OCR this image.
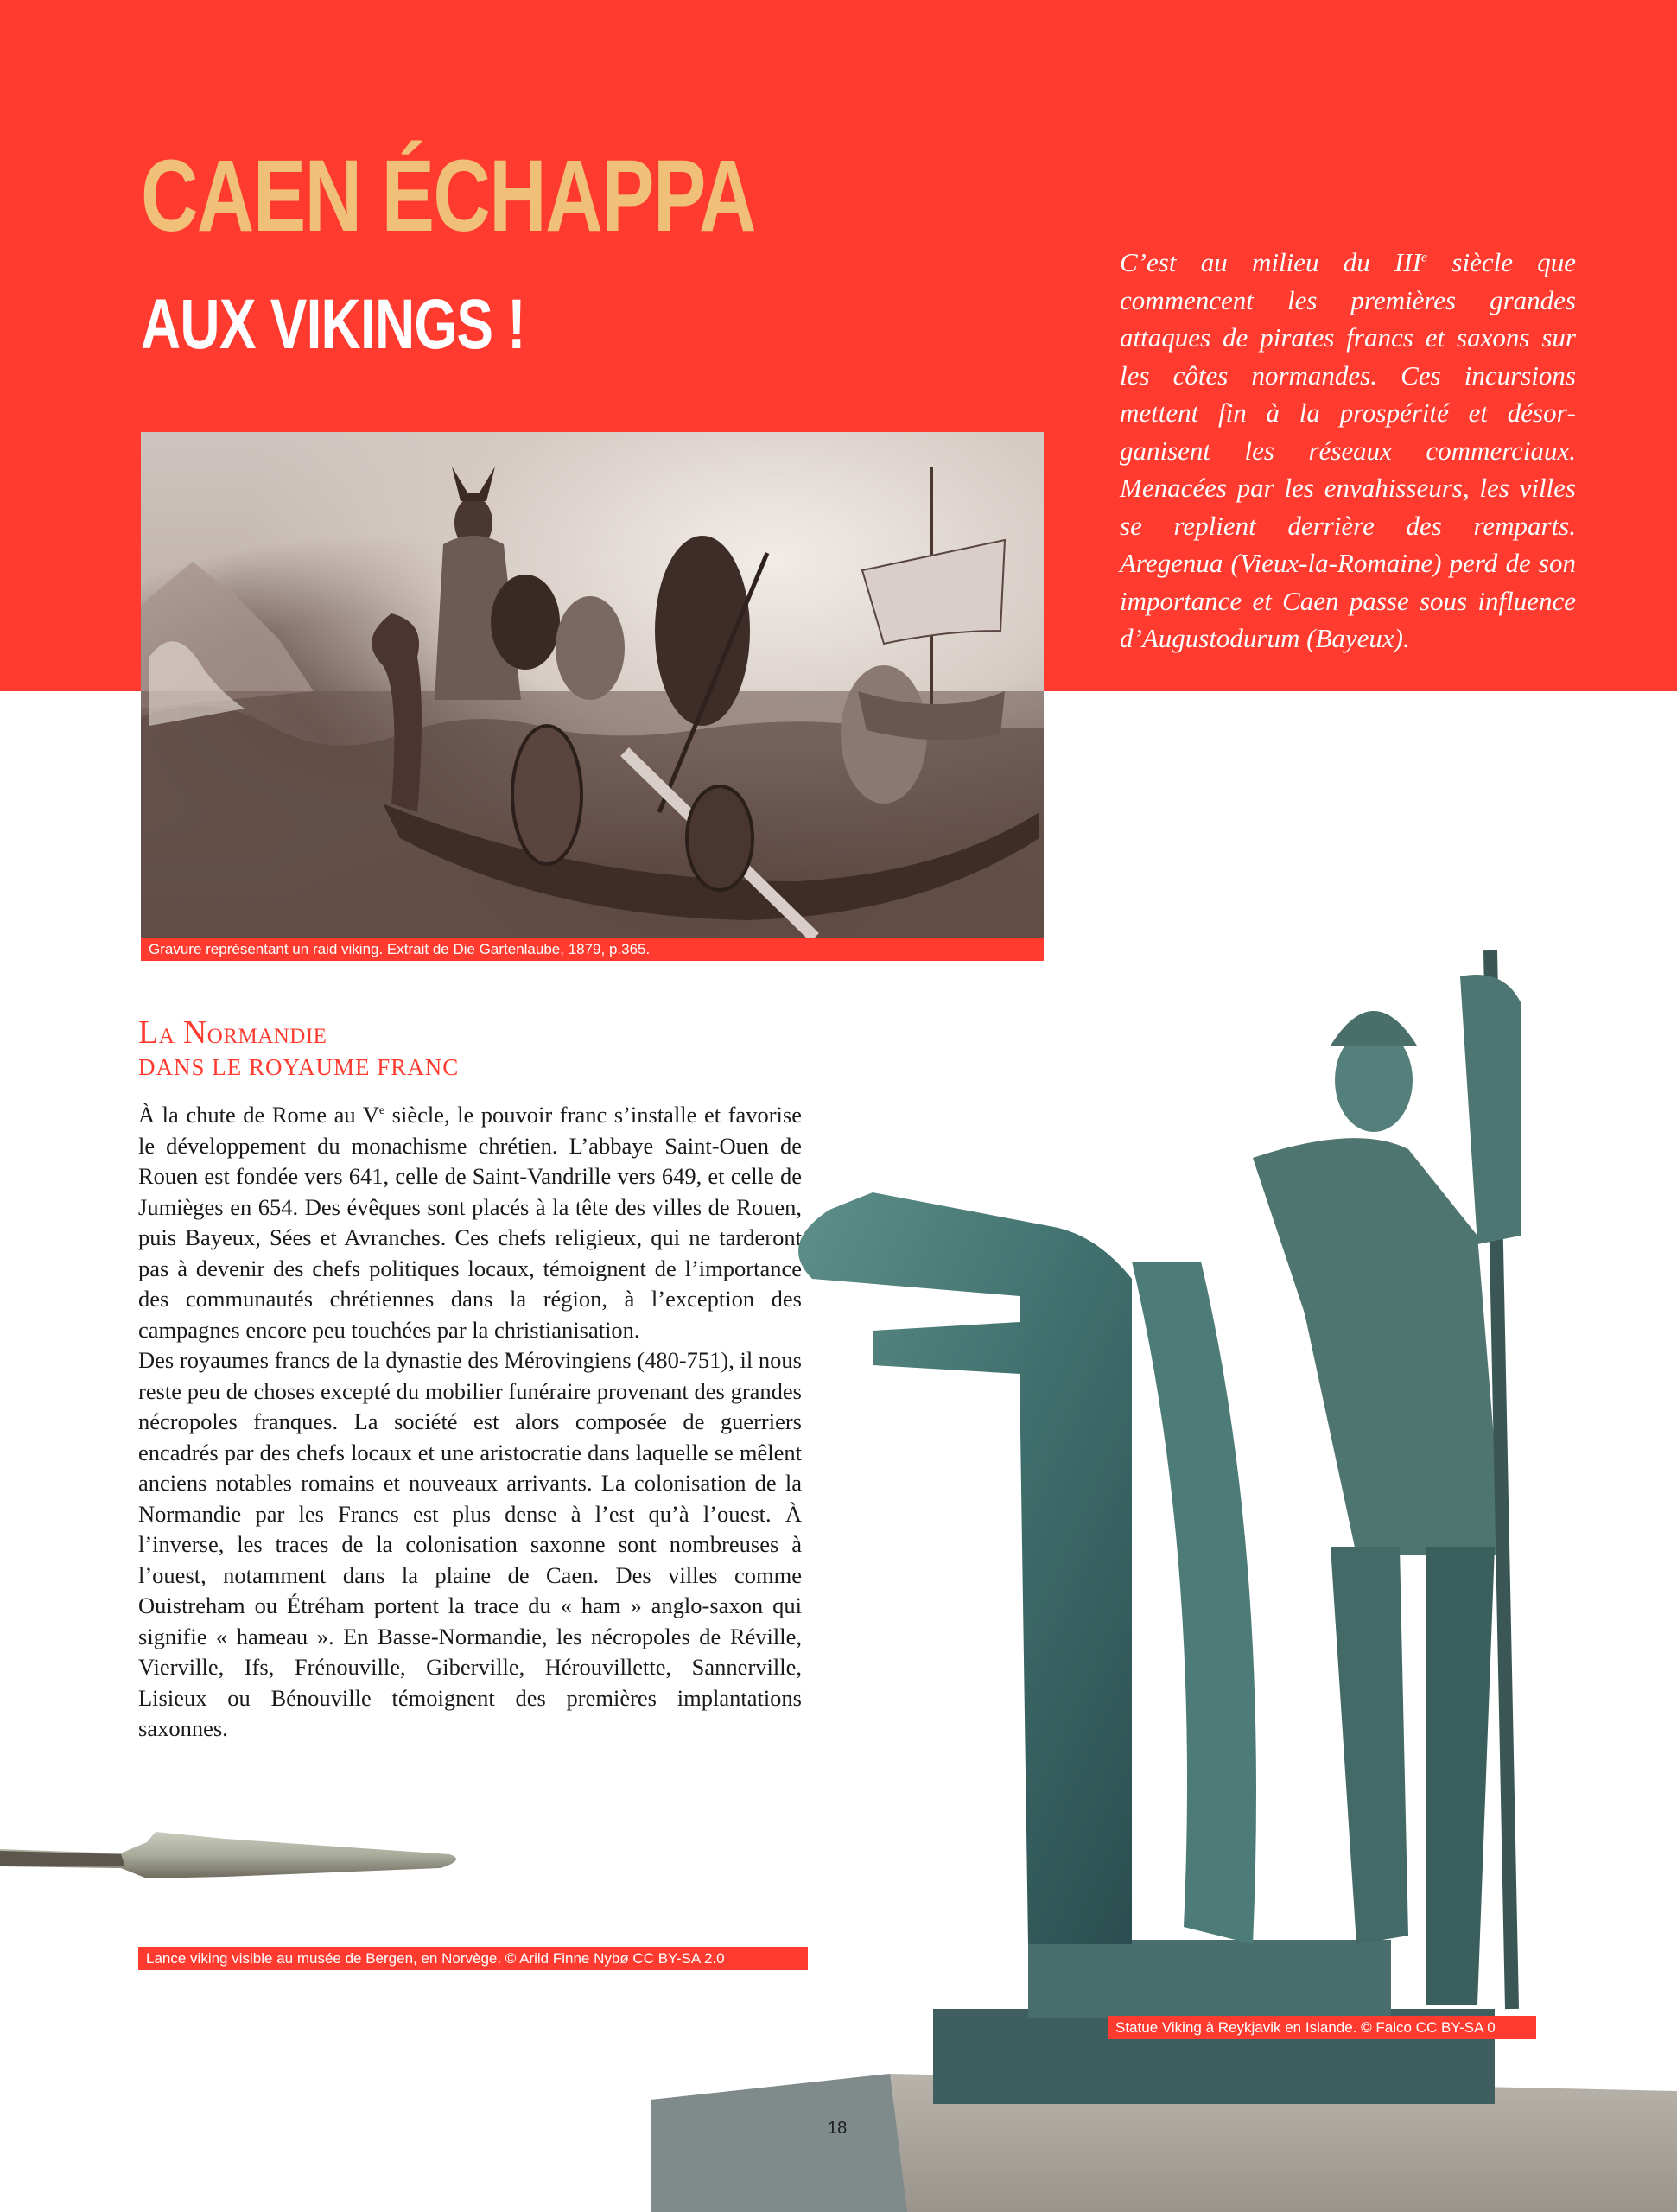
CAEN ÉCHAPPA
AUX VIKINGS !

C’est au milieu du IIIe siècle que commencent les premières grandes attaques de pirates francs et saxons sur les côtes normandes. Ces incursions mettent fin à la prospérité et désorganisent les réseaux commerciaux. Menacées par les envahisseurs, les villes se replient derrière des remparts. Aregenua (Vieux-la-Romaine) perd de son importance et Caen passe sous influence d’Augustodurum (Bayeux).

Gravure représentant un raid viking. Extrait de Die Gartenlaube, 1879, p.365.
La Normandie
DANS LE ROYAUME FRANC

À la chute de Rome au Ve siècle, le pouvoir franc s’installe et favorise le développement du monachisme chrétien. L’abbaye Saint-Ouen de Rouen est fondée vers 641, celle de Saint-Vandrille vers 649, et celle de Jumièges en 654. Des évêques sont placés à la tête des villes de Rouen, puis Bayeux, Sées et Avranches. Ces chefs religieux, qui ne tarderont pas à devenir des chefs politiques locaux, témoignent de l’importance des communautés chrétiennes dans la région, à l’exception des campagnes encore peu touchées par la christianisation.

Des royaumes francs de la dynastie des Mérovingiens (480-751), il nous reste peu de choses excepté du mobilier funéraire provenant des grandes nécropoles franques. La société est alors composée de guerriers encadrés par des chefs locaux et une aristocratie dans laquelle se mêlent anciens notables romains et nouveaux arrivants. La colonisation de la Normandie par les Francs est plus dense à l’est qu’à l’ouest. À l’inverse, les traces de la colonisation saxonne sont nombreuses à l’ouest, notamment dans la plaine de Caen. Des villes comme Ouistreham ou Étréham portent la trace du « ham » anglo-saxon qui signifie « hameau ». En Basse-Normandie, les nécropoles de Réville, Vierville, Ifs, Frénouville, Giberville, Hérouvillette, Sannerville, Lisieux ou Bénouville témoignent des premières implantations saxonnes.

Lance viking visible au musée de Bergen, en Norvège. © Arild Finne Nybø CC BY-SA 2.0
Statue Viking à Reykjavik en Islande. © Falco CC BY-SA 0
18
